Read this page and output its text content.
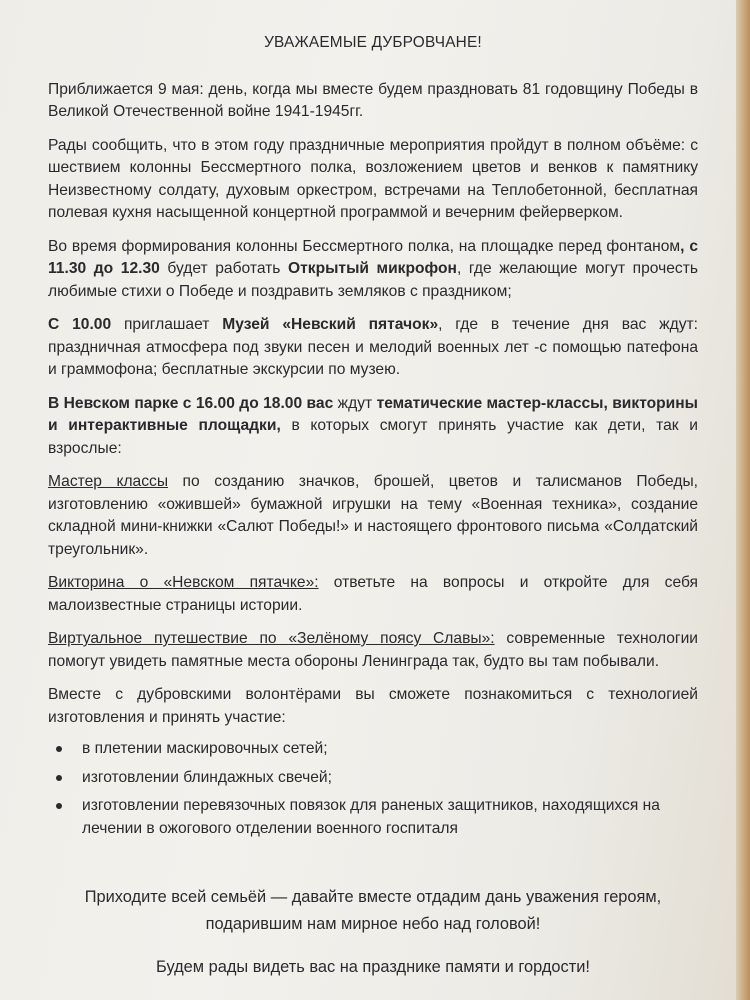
УВАЖАЕМЫЕ ДУБРОВЧАНЕ!

Приближается 9 мая: день, когда мы вместе будем праздновать 81 годовщину Победы в Великой Отечественной войне 1941-1945гг.

Рады сообщить, что в этом году праздничные мероприятия пройдут в полном объёме: с шествием колонны Бессмертного полка, возложением цветов и венков к памятнику Неизвестному солдату, духовым оркестром, встречами на Теплобетонной, бесплатная полевая кухня насыщенной концертной программой и вечерним фейерверком.

Во время формирования колонны Бессмертного полка, на площадке перед фонтаном, с 11.30 до 12.30 будет работать Открытый микрофон, где желающие могут прочесть любимые стихи о Победе и поздравить земляков с праздником;

С 10.00 приглашает Музей «Невский пятачок», где в течение дня вас ждут: праздничная атмосфера под звуки песен и мелодий военных лет -с помощью патефона и граммофона; бесплатные экскурсии по музею.

В Невском парке с 16.00 до 18.00 вас ждут тематические мастер-классы, викторины и интерактивные площадки, в которых смогут принять участие как дети, так и взрослые:

Мастер классы по созданию значков, брошей, цветов и талисманов Победы, изготовлению «ожившей» бумажной игрушки на тему «Военная техника», создание складной мини-книжки «Салют Победы!» и настоящего фронтового письма «Солдатский треугольник».

Викторина о «Невском пятачке»: ответьте на вопросы и откройте для себя малоизвестные страницы истории.

Виртуальное путешествие по «Зелёному поясу Славы»: современные технологии помогут увидеть памятные места обороны Ленинграда так, будто вы там побывали.

Вместе с дубровскими волонтёрами вы сможете познакомиться с технологией изготовления и принять участие:

в плетении маскировочных сетей;
изготовлении блиндажных свечей;
изготовлении перевязочных повязок для раненых защитников, находящихся на лечении в ожогового отделении военного госпиталя
Приходите всей семьёй — давайте вместе отдадим дань уважения героям,
подарившим нам мирное небо над головой!
Будем рады видеть вас на празднике памяти и гордости!
